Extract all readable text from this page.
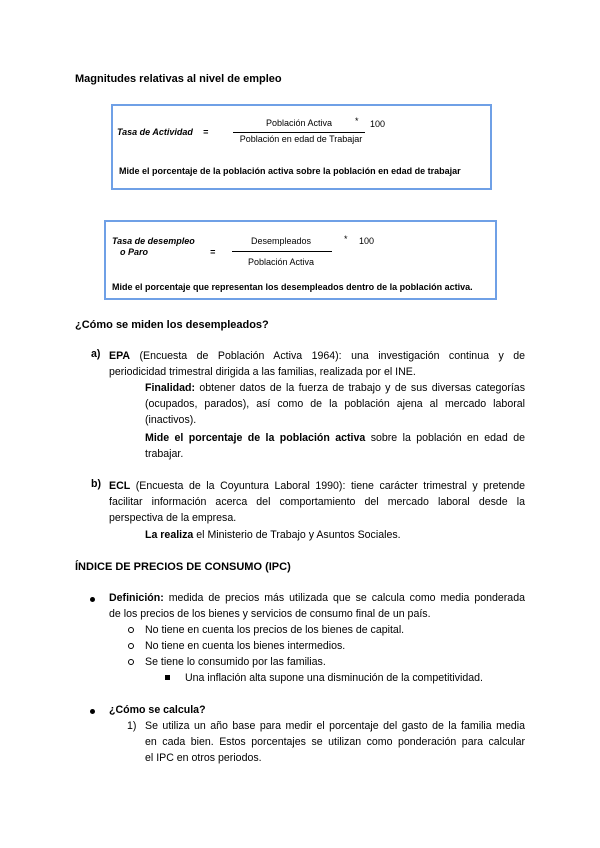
Magnitudes relativas al nivel de empleo
Tasa de Actividad =
Población Activa
Población en edad de Trabajar
* 100
Mide el porcentaje de la población activa sobre la población en edad de trabajar
Tasa de desempleo
o Paro	=
Desempleados
Población Activa
* 100
Mide el porcentaje que representan los desempleados dentro de la población activa.
¿Cómo se miden los desempleados?
a) EPA (Encuesta de Población Activa 1964): una investigación continua y de
periodicidad trimestral dirigida a las familias, realizada por el INE.
Finalidad: obtener datos de la fuerza de trabajo y de sus diversas categorías
(ocupados, parados), así como de la población ajena al mercado laboral
(inactivos).
Mide el porcentaje de la población activa sobre la población en edad de
trabajar.
b) ECL (Encuesta de la Coyuntura Laboral 1990): tiene carácter trimestral y pretende
facilitar información acerca del comportamiento del mercado laboral desde la
perspectiva de la empresa.
La realiza el Ministerio de Trabajo y Asuntos Sociales.
ÍNDICE DE PRECIOS DE CONSUMO (IPC)
Definición: medida de precios más utilizada que se calcula como media ponderada
de los precios de los bienes y servicios de consumo final de un país.
No tiene en cuenta los precios de los bienes de capital.
No tiene en cuenta los bienes intermedios.
Se tiene lo consumido por las familias.
Una inflación alta supone una disminución de la competitividad.
¿Cómo se calcula?
1) Se utiliza un año base para medir el porcentaje del gasto de la familia media
en cada bien. Estos porcentajes se utilizan como ponderación para calcular
el IPC en otros periodos.
